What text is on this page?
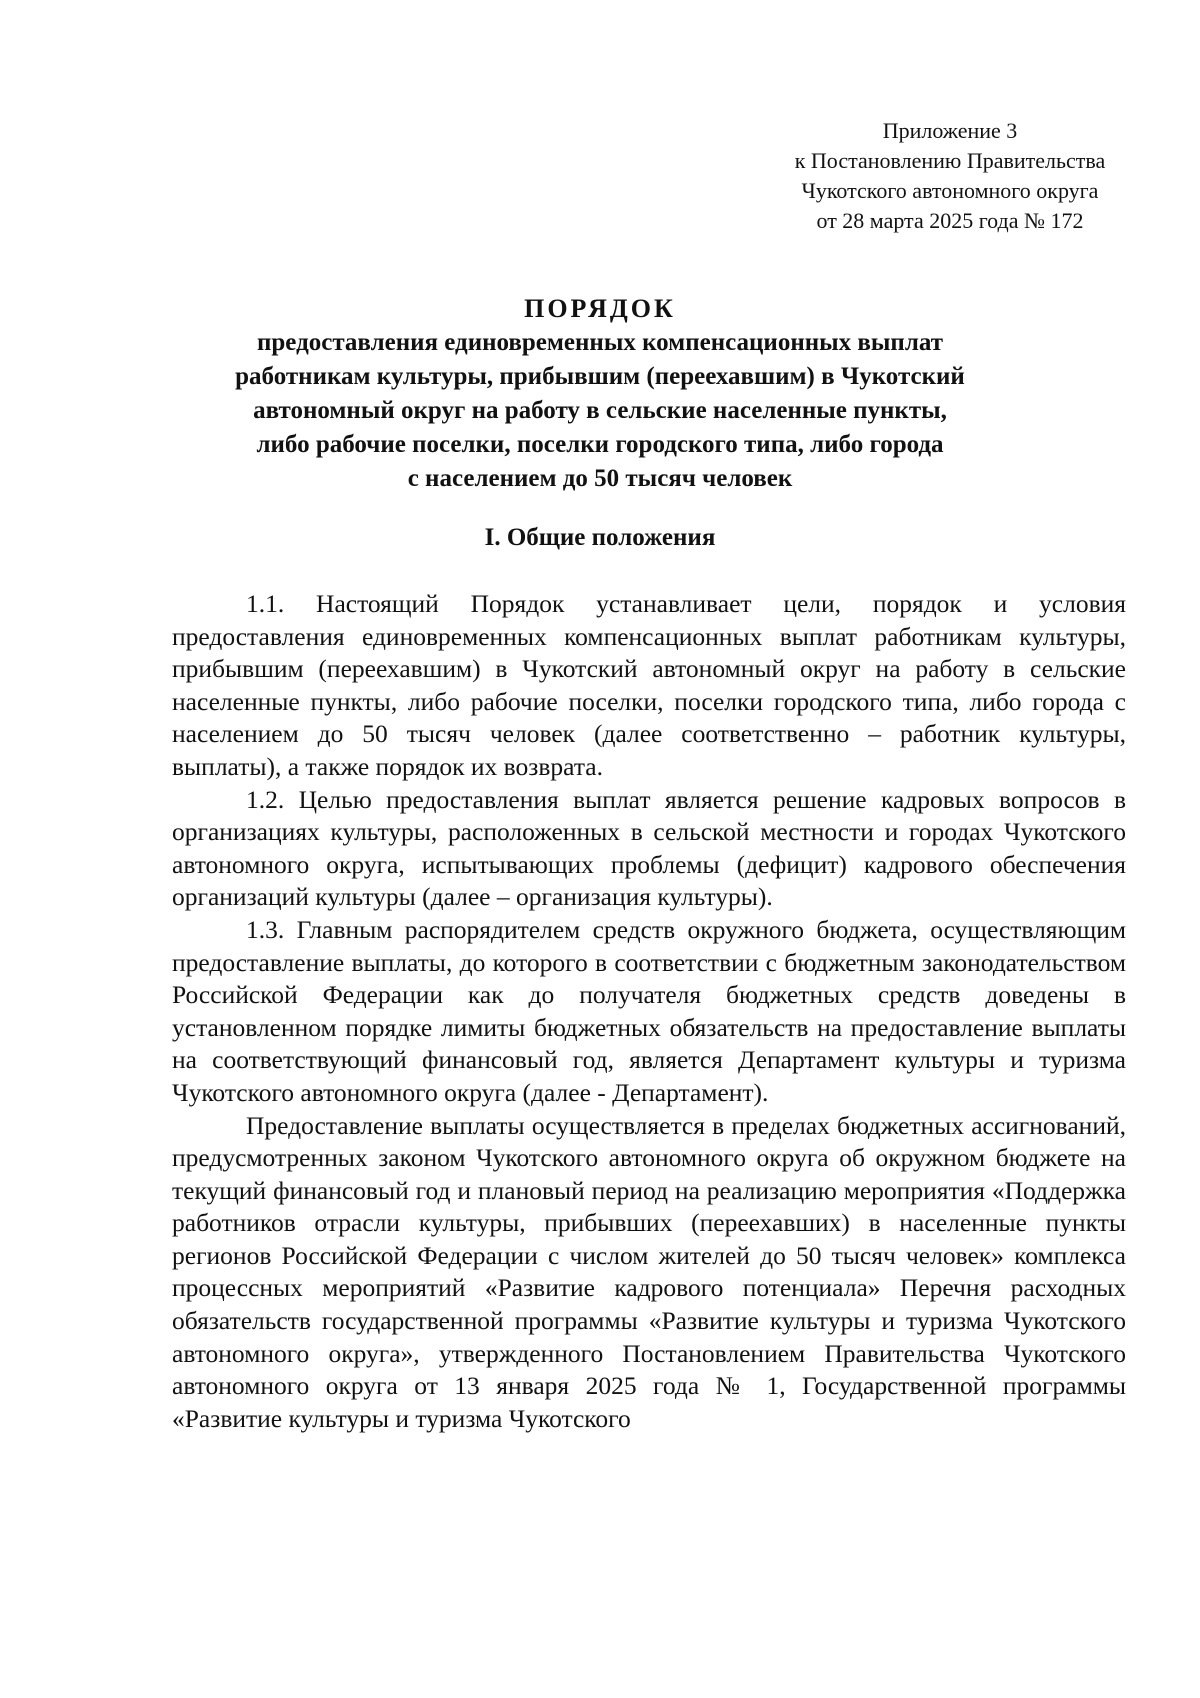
Приложение 3
к Постановлению Правительства
Чукотского автономного округа
от 28 марта 2025 года № 172
ПОРЯДОК
предоставления единовременных компенсационных выплат
работникам культуры, прибывшим (переехавшим) в Чукотский
автономный округ на работу в сельские населенные пункты,
либо рабочие поселки, поселки городского типа, либо города
с населением до 50 тысяч человек
I. Общие положения

1.1. Настоящий Порядок устанавливает цели, порядок и условия предоставления единовременных компенсационных выплат работникам культуры, прибывшим (переехавшим) в Чукотский автономный округ на работу в сельские населенные пункты, либо рабочие поселки, поселки городского типа, либо города с населением до 50 тысяч человек (далее соответственно – работник культуры, выплаты), а также порядок их возврата.

1.2. Целью предоставления выплат является решение кадровых вопросов в организациях культуры, расположенных в сельской местности и городах Чукотского автономного округа, испытывающих проблемы (дефицит) кадрового обеспечения организаций культуры (далее – организация культуры).

1.3. Главным распорядителем средств окружного бюджета, осуществляющим предоставление выплаты, до которого в соответствии с бюджетным законодательством Российской Федерации как до получателя бюджетных средств доведены в установленном порядке лимиты бюджетных обязательств на предоставление выплаты на соответствующий финансовый год, является Департамент культуры и туризма Чукотского автономного округа (далее - Департамент).

Предоставление выплаты осуществляется в пределах бюджетных ассигнований, предусмотренных законом Чукотского автономного округа об окружном бюджете на текущий финансовый год и плановый период на реализацию мероприятия «Поддержка работников отрасли культуры, прибывших (переехавших) в населенные пункты регионов Российской Федерации с числом жителей до 50 тысяч человек» комплекса процессных мероприятий «Развитие кадрового потенциала» Перечня расходных обязательств государственной программы «Развитие культуры и туризма Чукотского автономного округа», утвержденного Постановлением Правительства Чукотского автономного округа от 13 января 2025 года № 1, Государственной программы «Развитие культуры и туризма Чукотского
